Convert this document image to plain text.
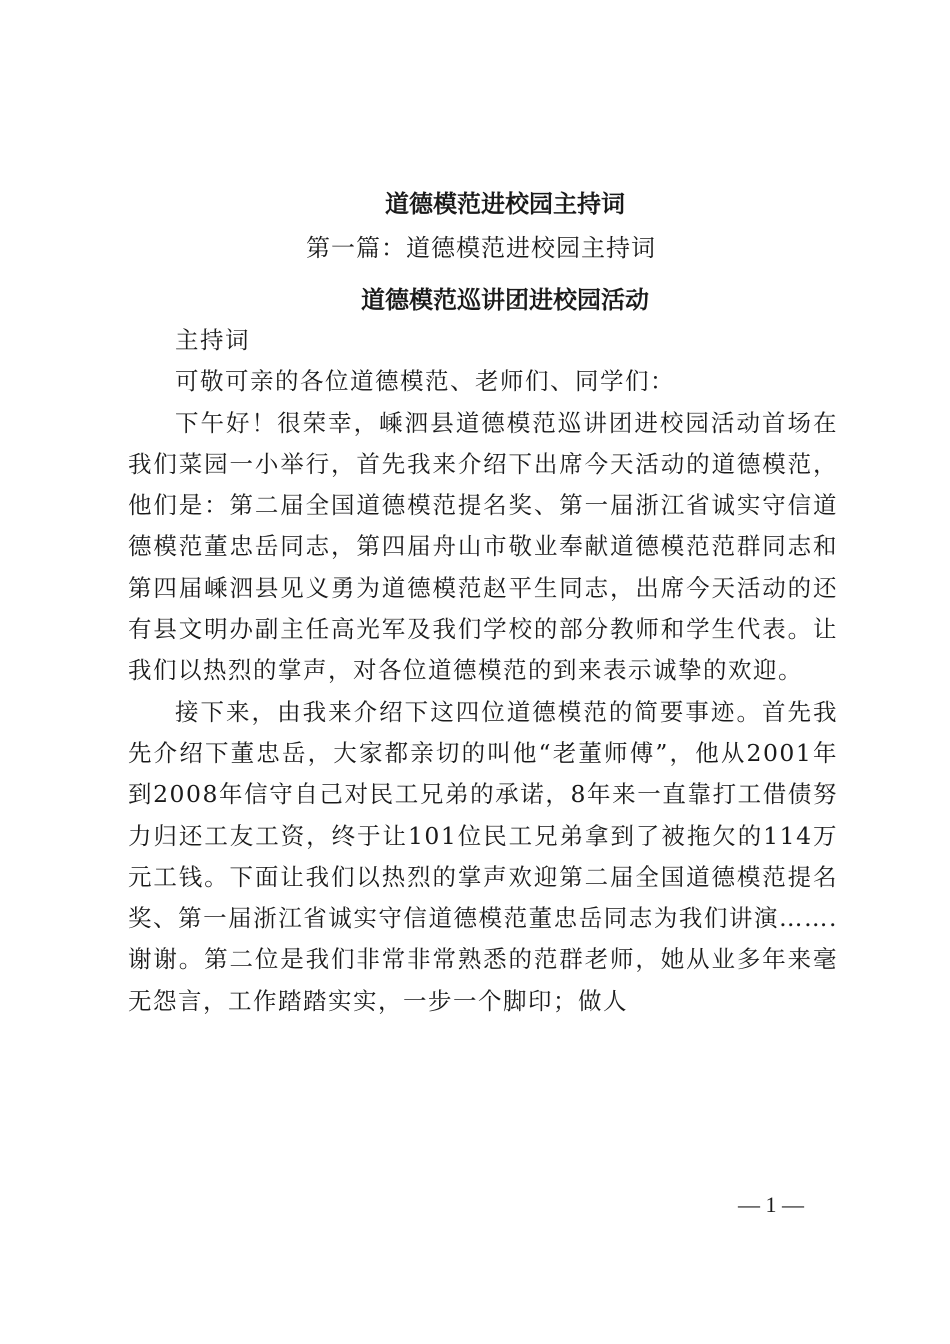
道德模范进校园主持词
第一篇：道德模范进校园主持词
道德模范巡讲团进校园活动

主持词

可敬可亲的各位道德模范、老师们、同学们：

下午好！很荣幸，嵊泗县道德模范巡讲团进校园活动首场在我们菜园一小举行，首先我来介绍下出席今天活动的道德模范，他们是：第二届全国道德模范提名奖、第一届浙江省诚实守信道德模范董忠岳同志，第四届舟山市敬业奉献道德模范范群同志和第四届嵊泗县见义勇为道德模范赵平生同志，出席今天活动的还有县文明办副主任高光军及我们学校的部分教师和学生代表。让我们以热烈的掌声，对各位道德模范的到来表示诚挚的欢迎。

接下来，由我来介绍下这四位道德模范的简要事迹。首先我先介绍下董忠岳，大家都亲切的叫他“老董师傅”，他从2001年到2008年信守自己对民工兄弟的承诺，8年来一直靠打工借债努力归还工友工资，终于让101位民工兄弟拿到了被拖欠的114万元工钱。下面让我们以热烈的掌声欢迎第二届全国道德模范提名奖、第一届浙江省诚实守信道德模范董忠岳同志为我们讲演…….谢谢。第二位是我们非常非常熟悉的范群老师，她从业多年来毫无怨言，工作踏踏实实，一步一个脚印；做人

— 1 —
